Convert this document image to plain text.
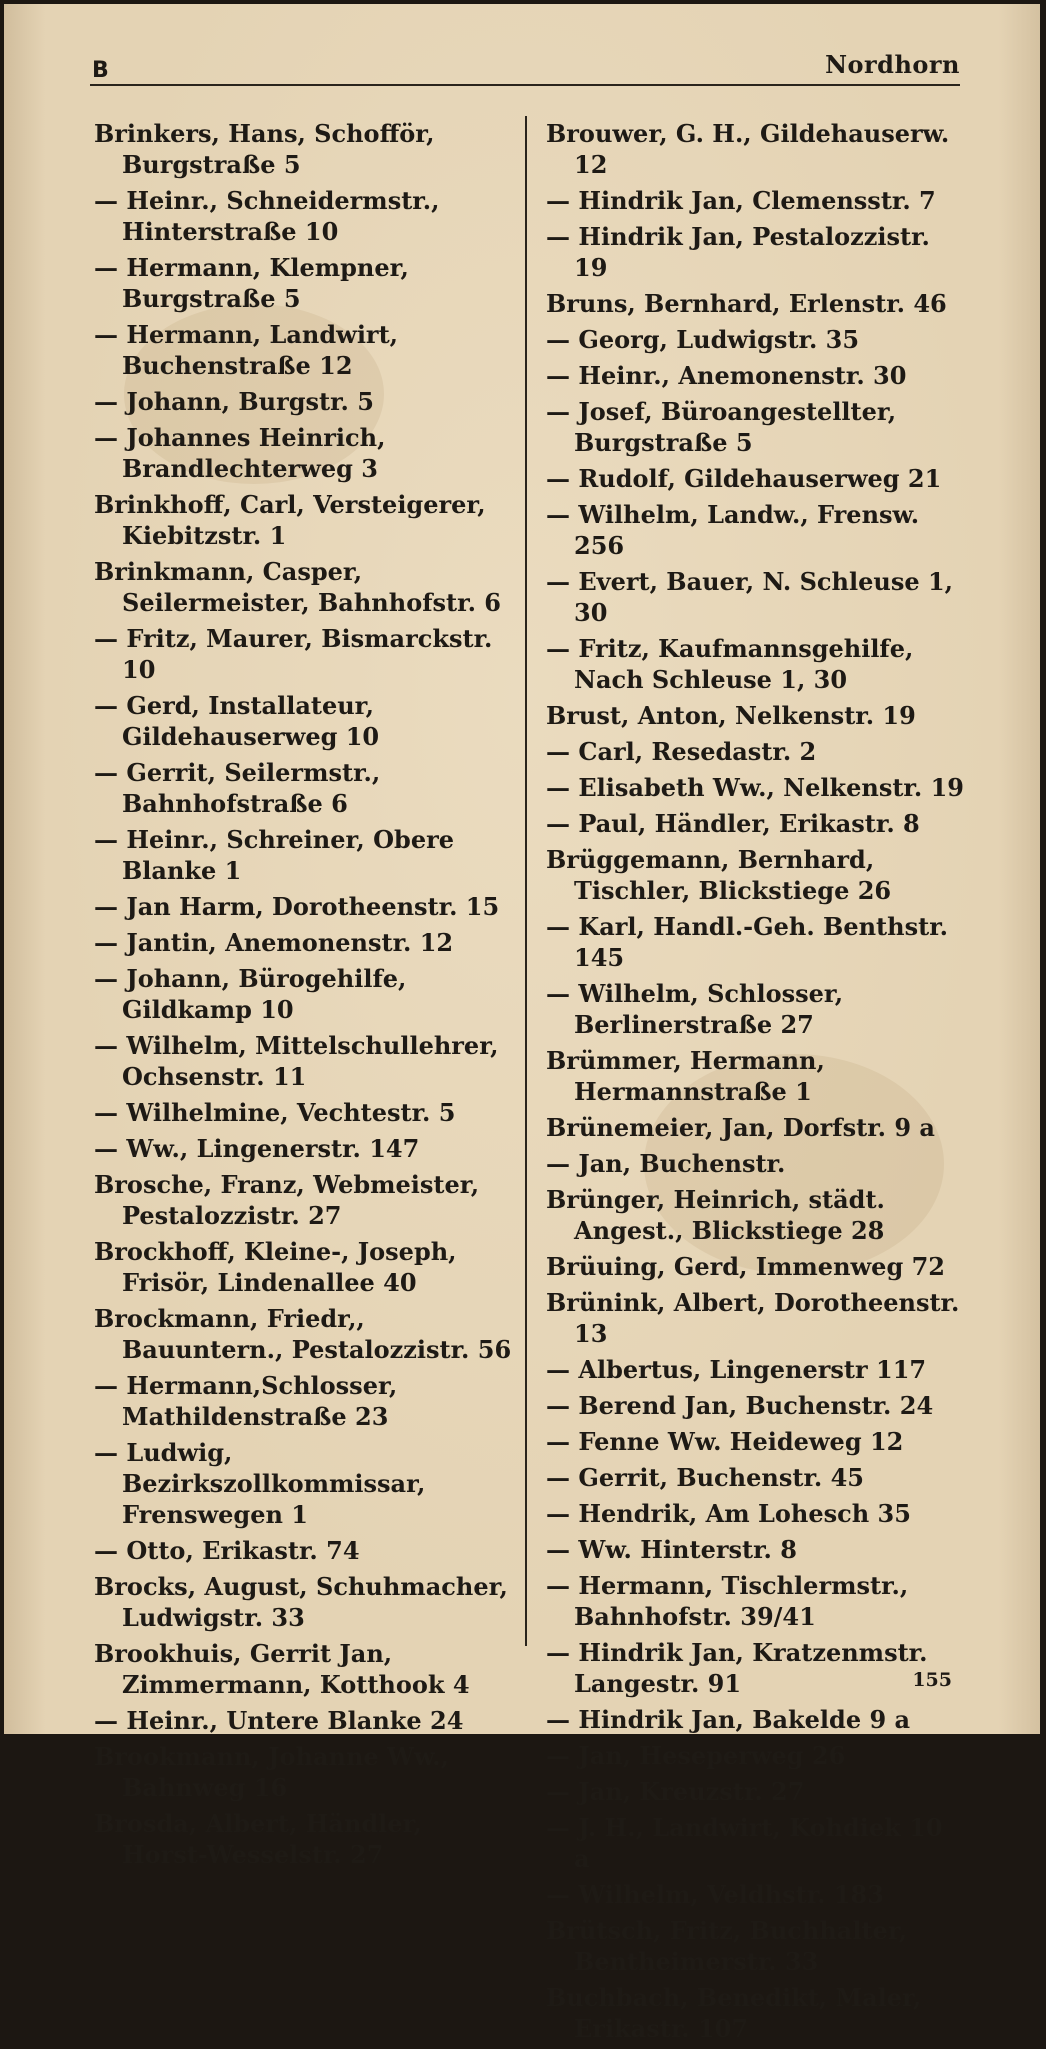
B	Nordhorn
Brinkers, Hans, Schofför, Burgstraße 5
— Heinr., Schneidermstr., Hinterstraße 10
— Hermann, Klempner, Burgstraße 5
— Hermann, Landwirt, Buchenstraße 12
— Johann, Burgstr. 5
— Johannes Heinrich, Brandlechterweg 3
Brinkhoff, Carl, Versteigerer, Kiebitzstr. 1
Brinkmann, Casper, Seilermeister, Bahnhofstr. 6
— Fritz, Maurer, Bismarckstr. 10
— Gerd, Installateur, Gildehauserweg 10
— Gerrit, Seilermstr., Bahnhofstraße 6
— Heinr., Schreiner, Obere Blanke 1
— Jan Harm, Dorotheenstr. 15
— Jantin, Anemonenstr. 12
— Johann, Bürogehilfe, Gildkamp 10
— Wilhelm, Mittelschullehrer, Ochsenstr. 11
— Wilhelmine, Vechtestr. 5
— Ww., Lingenerstr. 147
Brosche, Franz, Webmeister, Pestalozzistr. 27
Brockhoff, Kleine-, Joseph, Frisör, Lindenallee 40
Brockmann, Friedr,, Bauuntern., Pestalozzistr. 56
— Hermann,Schlosser, Mathildenstraße 23
— Ludwig, Bezirkszollkommissar, Frenswegen 1
— Otto, Erikastr. 74
Brocks, August, Schuhmacher, Ludwigstr. 33
Brookhuis, Gerrit Jan, Zimmermann, Kotthook 4
— Heinr., Untere Blanke 24
Brookmann, Johanne Ww., Bahnweg 16
Brosda, Albert, Händler, Horst-Wesselstr. 27
Brouwer, G. H., Gildehauserw. 12
— Hindrik Jan, Clemensstr. 7
— Hindrik Jan, Pestalozzistr. 19
Bruns, Bernhard, Erlenstr. 46
— Georg, Ludwigstr. 35
— Heinr., Anemonenstr. 30
— Josef, Büroangestellter, Burgstraße 5
— Rudolf, Gildehauserweg 21
— Wilhelm, Landw., Frensw. 256
— Evert, Bauer, N. Schleuse 1, 30
— Fritz, Kaufmannsgehilfe, Nach Schleuse 1, 30
Brust, Anton, Nelkenstr. 19
— Carl, Resedastr. 2
— Elisabeth Ww., Nelkenstr. 19
— Paul, Händler, Erikastr. 8
Brüggemann, Bernhard, Tischler, Blickstiege 26
— Karl, Handl.-Geh. Benthstr. 145
— Wilhelm, Schlosser, Berlinerstraße 27
Brümmer, Hermann, Hermannstraße 1
Brünemeier, Jan, Dorfstr. 9 a
— Jan, Buchenstr.
Brünger, Heinrich, städt. Angest., Blickstiege 28
Brüuing, Gerd, Immenweg 72
Brünink, Albert, Dorotheenstr. 13
— Albertus, Lingenerstr 117
— Berend Jan, Buchenstr. 24
— Fenne Ww. Heideweg 12
— Gerrit, Buchenstr. 45
— Hendrik, Am Lohesch 35
— Ww. Hinterstr. 8
— Hermann, Tischlermstr., Bahnhofstr. 39/41
— Hindrik Jan, Kratzenmstr. Langestr. 91
— Hindrik Jan, Bakelde 9 a
— Jan, Heseperweg 26
— Jan, Kreuzstr. 27
— J. H., Landwirt, Kohdiek 10 a
— Wilhelm, Veldhstr. 183
Brütsch, Fritz, Buchhalter, Bentheimerstr. 33
Buchbach, Benedikt, Maler, Erikastr. 107
155
